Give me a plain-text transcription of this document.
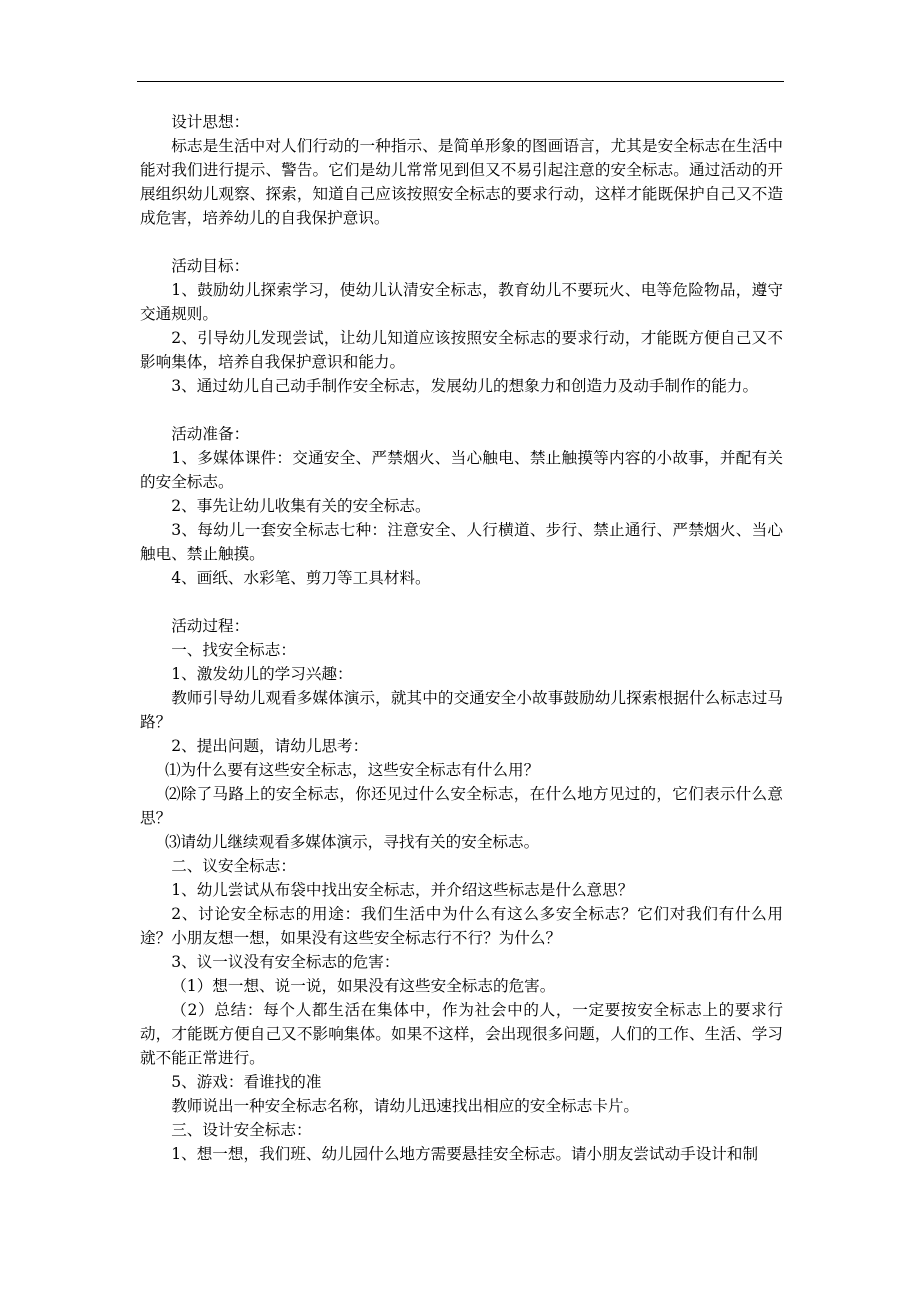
设计思想：

标志是生活中对人们行动的一种指示、是简单形象的图画语言，尤其是安全标志在生活中能对我们进行提示、警告。它们是幼儿常常见到但又不易引起注意的安全标志。通过活动的开展组织幼儿观察、探索，知道自己应该按照安全标志的要求行动，这样才能既保护自己又不造成危害，培养幼儿的自我保护意识。

活动目标：

1、鼓励幼儿探索学习，使幼儿认清安全标志，教育幼儿不要玩火、电等危险物品，遵守交通规则。

2、引导幼儿发现尝试，让幼儿知道应该按照安全标志的要求行动，才能既方便自己又不影响集体，培养自我保护意识和能力。

3、通过幼儿自己动手制作安全标志，发展幼儿的想象力和创造力及动手制作的能力。

活动准备：

1、多媒体课件：交通安全、严禁烟火、当心触电、禁止触摸等内容的小故事，并配有关的安全标志。

2、事先让幼儿收集有关的安全标志。

3、每幼儿一套安全标志七种：注意安全、人行横道、步行、禁止通行、严禁烟火、当心触电、禁止触摸。

4、画纸、水彩笔、剪刀等工具材料。

活动过程：

一、找安全标志：

1、激发幼儿的学习兴趣：

教师引导幼儿观看多媒体演示，就其中的交通安全小故事鼓励幼儿探索根据什么标志过马路？

2、提出问题，请幼儿思考：

⑴为什么要有这些安全标志，这些安全标志有什么用？

⑵除了马路上的安全标志，你还见过什么安全标志，在什么地方见过的，它们表示什么意思？

⑶请幼儿继续观看多媒体演示，寻找有关的安全标志。

二、议安全标志：

1、幼儿尝试从布袋中找出安全标志，并介绍这些标志是什么意思？

2、讨论安全标志的用途：我们生活中为什么有这么多安全标志？它们对我们有什么用途？小朋友想一想，如果没有这些安全标志行不行？为什么？

3、议一议没有安全标志的危害：

（1）想一想、说一说，如果没有这些安全标志的危害。

（2）总结：每个人都生活在集体中，作为社会中的人，一定要按安全标志上的要求行动，才能既方便自己又不影响集体。如果不这样，会出现很多问题，人们的工作、生活、学习就不能正常进行。

5、游戏：看谁找的准

教师说出一种安全标志名称，请幼儿迅速找出相应的安全标志卡片。

三、设计安全标志：

1、想一想，我们班、幼儿园什么地方需要悬挂安全标志。请小朋友尝试动手设计和制
